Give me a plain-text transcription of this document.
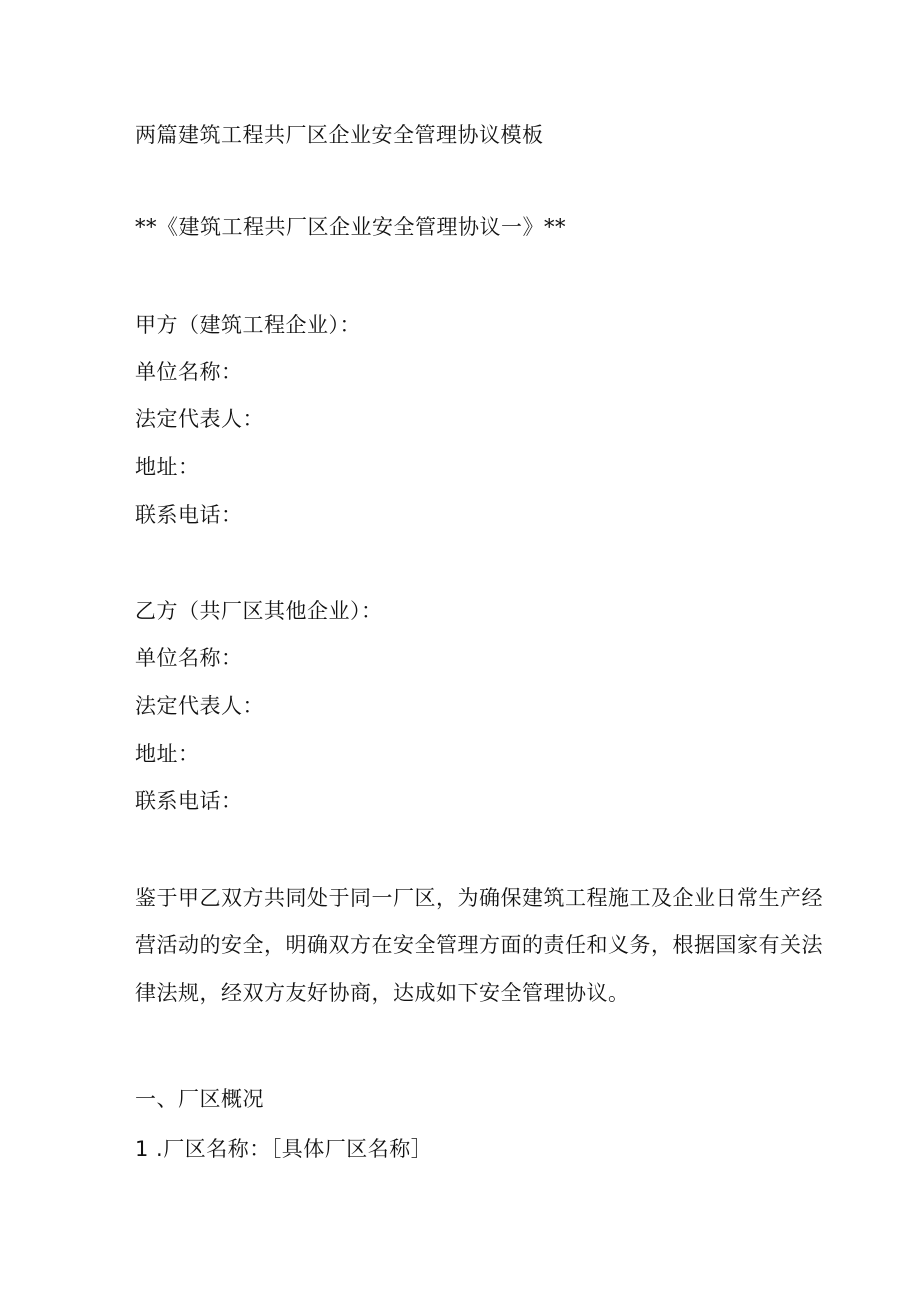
两篇建筑工程共厂区企业安全管理协议模板
**《建筑工程共厂区企业安全管理协议一》**
甲方（建筑工程企业）：
单位名称：
法定代表人：
地址：
联系电话：
乙方（共厂区其他企业）：
单位名称：
法定代表人：
地址：
联系电话：
鉴于甲乙双方共同处于同一厂区，为确保建筑工程施工及企业日常生产经
营活动的安全，明确双方在安全管理方面的责任和义务，根据国家有关法
律法规，经双方友好协商，达成如下安全管理协议。
一、厂区概况
1 .厂区名称：［具体厂区名称］
